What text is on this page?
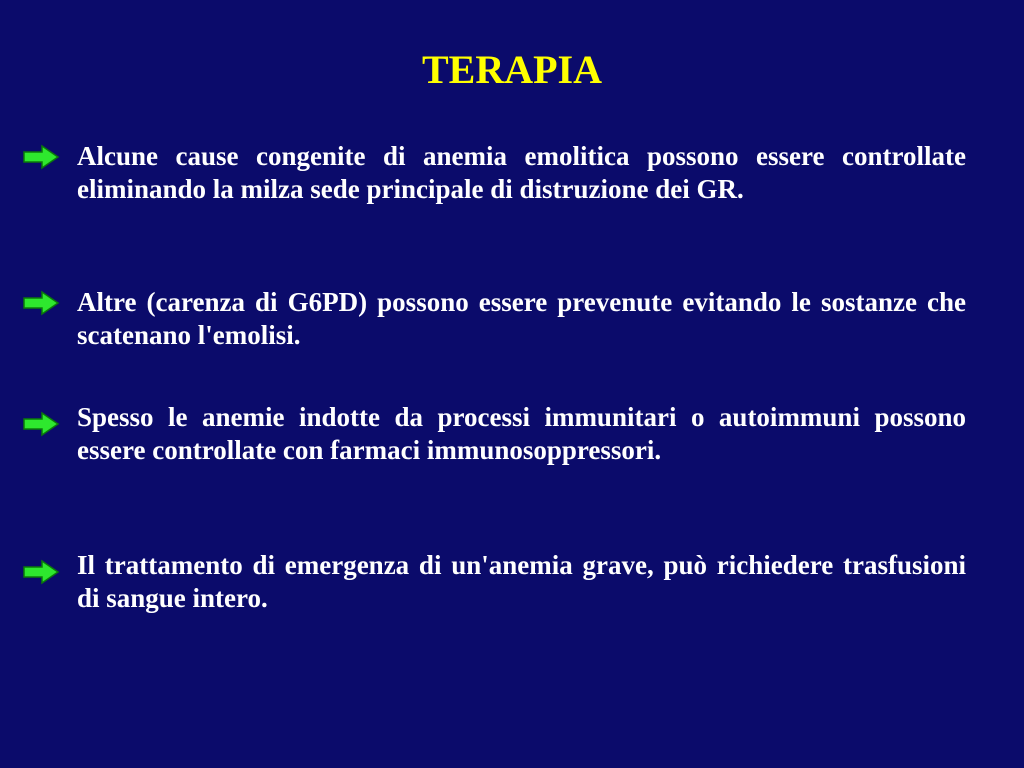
TERAPIA
Alcune cause congenite di anemia emolitica possono essere controllate eliminando la milza sede principale di distruzione dei GR.
Altre (carenza di G6PD) possono essere prevenute evitando le sostanze che scatenano l'emolisi.
Spesso le anemie indotte da processi immunitari o autoimmuni possono essere controllate con farmaci immunosoppressori.
Il trattamento di emergenza di un'anemia grave, può richiedere trasfusioni di sangue intero.
